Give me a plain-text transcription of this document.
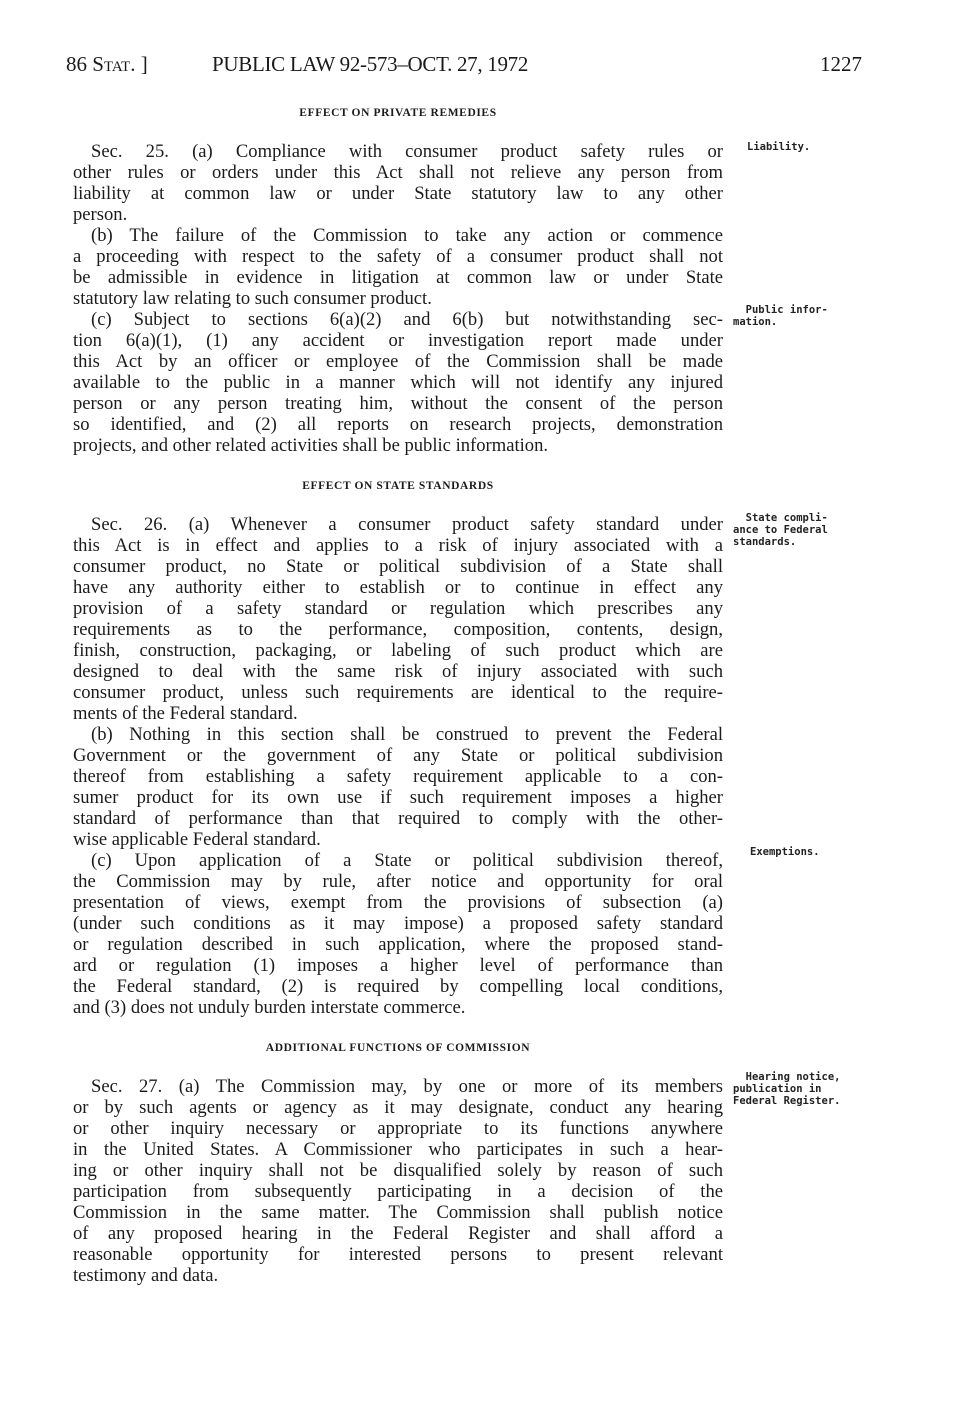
86 Stat. ]	PUBLIC LAW 92-573–OCT. 27, 1972	1227
EFFECT ON PRIVATE REMEDIES
Sec. 25. (a) Compliance with consumer product safety rules or
other rules or orders under this Act shall not relieve any person from
liability at common law or under State statutory law to any other
person.
(b) The failure of the Commission to take any action or commence
a proceeding with respect to the safety of a consumer product shall not
be admissible in evidence in litigation at common law or under State
statutory law relating to such consumer product.
(c) Subject to sections 6(a)(2) and 6(b) but notwithstanding sec-
tion 6(a)(1), (1) any accident or investigation report made under
this Act by an officer or employee of the Commission shall be made
available to the public in a manner which will not identify any injured
person or any person treating him, without the consent of the person
so identified, and (2) all reports on research projects, demonstration
projects, and other related activities shall be public information.
EFFECT ON STATE STANDARDS
Sec. 26. (a) Whenever a consumer product safety standard under
this Act is in effect and applies to a risk of injury associated with a
consumer product, no State or political subdivision of a State shall
have any authority either to establish or to continue in effect any
provision of a safety standard or regulation which prescribes any
requirements as to the performance, composition, contents, design,
finish, construction, packaging, or labeling of such product which are
designed to deal with the same risk of injury associated with such
consumer product, unless such requirements are identical to the require-
ments of the Federal standard.
(b) Nothing in this section shall be construed to prevent the Federal
Government or the government of any State or political subdivision
thereof from establishing a safety requirement applicable to a con-
sumer product for its own use if such requirement imposes a higher
standard of performance than that required to comply with the other-
wise applicable Federal standard.
(c) Upon application of a State or political subdivision thereof,
the Commission may by rule, after notice and opportunity for oral
presentation of views, exempt from the provisions of subsection (a)
(under such conditions as it may impose) a proposed safety standard
or regulation described in such application, where the proposed stand-
ard or regulation (1) imposes a higher level of performance than
the Federal standard, (2) is required by compelling local conditions,
and (3) does not unduly burden interstate commerce.
ADDITIONAL FUNCTIONS OF COMMISSION
Sec. 27. (a) The Commission may, by one or more of its members
or by such agents or agency as it may designate, conduct any hearing
or other inquiry necessary or appropriate to its functions anywhere
in the United States. A Commissioner who participates in such a hear-
ing or other inquiry shall not be disqualified solely by reason of such
participation from subsequently participating in a decision of the
Commission in the same matter. The Commission shall publish notice
of any proposed hearing in the Federal Register and shall afford a
reasonable opportunity for interested persons to present relevant
testimony and data.
Liability.
Public infor-
mation.
State compli-
ance to Federal
standards.
Exemptions.
Hearing notice,
publication in
Federal Register.
